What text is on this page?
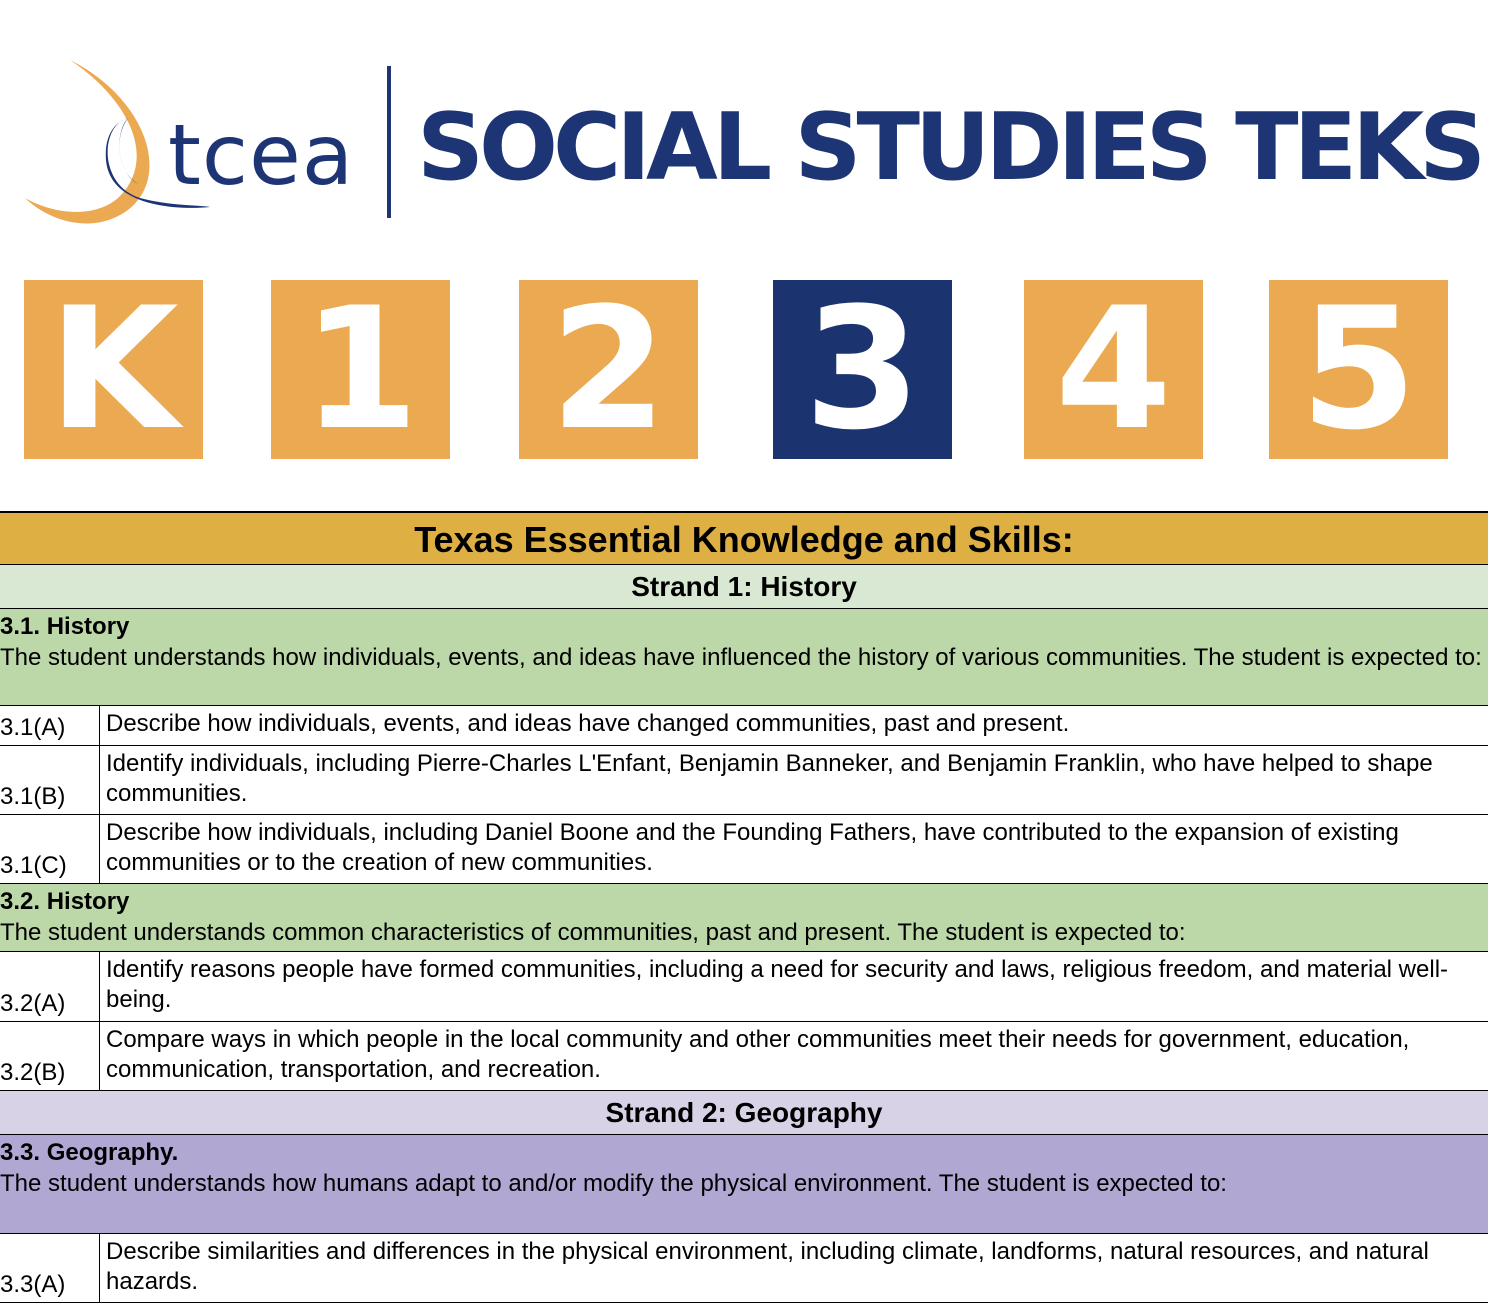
tcea SOCIAL STUDIES TEKS
K 1 2 3 4 5
Texas Essential Knowledge and Skills:
Strand 1: History
3.1. History
The student understands how individuals, events, and ideas have influenced the history of various communities. The student is expected to:
3.1(A)	Describe how individuals, events, and ideas have changed communities, past and present.
3.1(B)
Identify individuals, including Pierre-Charles L'Enfant, Benjamin Banneker, and Benjamin Franklin, who have helped to shape communities.
3.1(C)
Describe how individuals, including Daniel Boone and the Founding Fathers, have contributed to the expansion of existing communities or to the creation of new communities.
3.2. History
The student understands common characteristics of communities, past and present. The student is expected to:
3.2(A)
Identify reasons people have formed communities, including a need for security and laws, religious freedom, and material well-being.
3.2(B)
Compare ways in which people in the local community and other communities meet their needs for government, education, communication, transportation, and recreation.
Strand 2: Geography
3.3. Geography.
The student understands how humans adapt to and/or modify the physical environment. The student is expected to:
3.3(A)
Describe similarities and differences in the physical environment, including climate, landforms, natural resources, and natural hazards.
